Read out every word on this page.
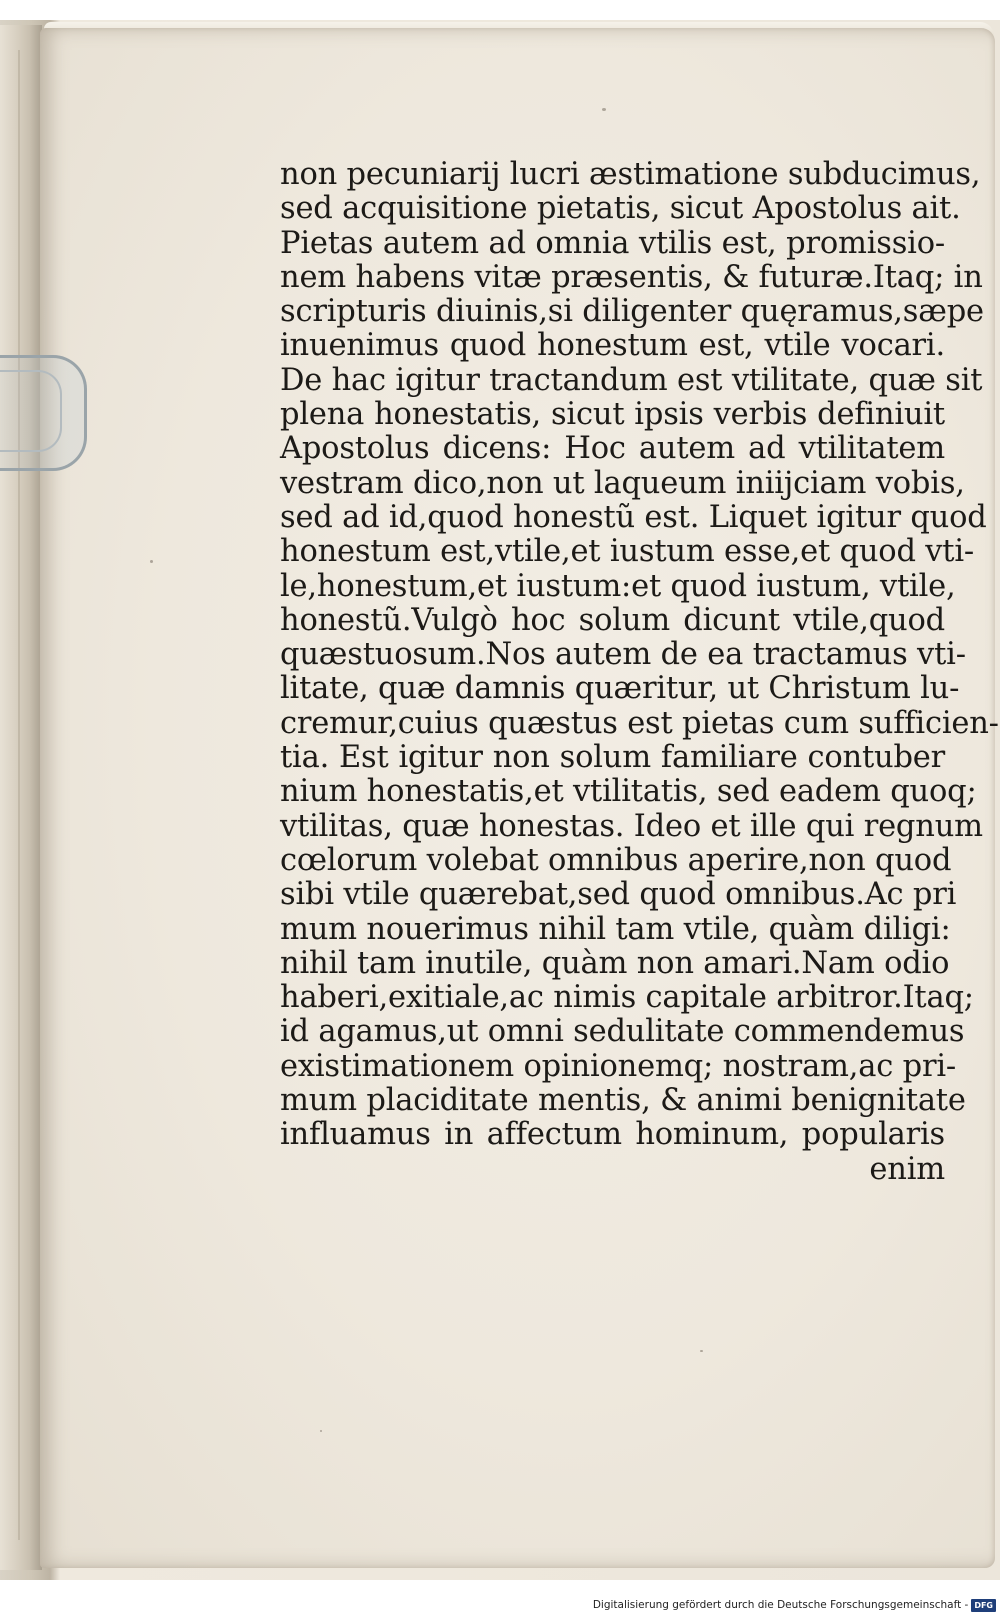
non pecuniarij lucri æstimatione subducimus,
sed acquisitione pietatis, sicut Apostolus ait.
Pietas autem ad omnia vtilis est, promissio-
nem habens vitæ præsentis, & futuræ.Itaq; in
scripturis diuinis,si diligenter quęramus,sæpe
inuenimus quod honestum est, vtile vocari.
De hac igitur tractandum est vtilitate, quæ sit
plena honestatis, sicut ipsis verbis definiuit
Apostolus dicens: Hoc autem ad vtilitatem
vestram dico,non ut laqueum iniijciam vobis,
sed ad id,quod honestũ est. Liquet igitur quod
honestum est,vtile,et iustum esse,et quod vti-
le,honestum,et iustum:et quod iustum, vtile,
honestũ.Vulgò hoc solum dicunt vtile,quod
quæstuosum.Nos autem de ea tractamus vti-
litate, quæ damnis quæritur, ut Christum lu-
cremur,cuius quæstus est pietas cum sufficien-
tia. Est igitur non solum familiare contuber
nium honestatis,et vtilitatis, sed eadem quoq;
vtilitas, quæ honestas. Ideo et ille qui regnum
cœlorum volebat omnibus aperire,non quod
sibi vtile quærebat,sed quod omnibus.Ac pri
mum nouerimus nihil tam vtile, quàm diligi:
nihil tam inutile, quàm non amari.Nam odio
haberi,exitiale,ac nimis capitale arbitror.Itaq;
id agamus,ut omni sedulitate commendemus
existimationem opinionemq; nostram,ac pri-
mum placiditate mentis, & animi benignitate
influamus in affectum hominum, popularis
enim
Digitalisierung gefördert durch die Deutsche Forschungsgemeinschaft - DFG
